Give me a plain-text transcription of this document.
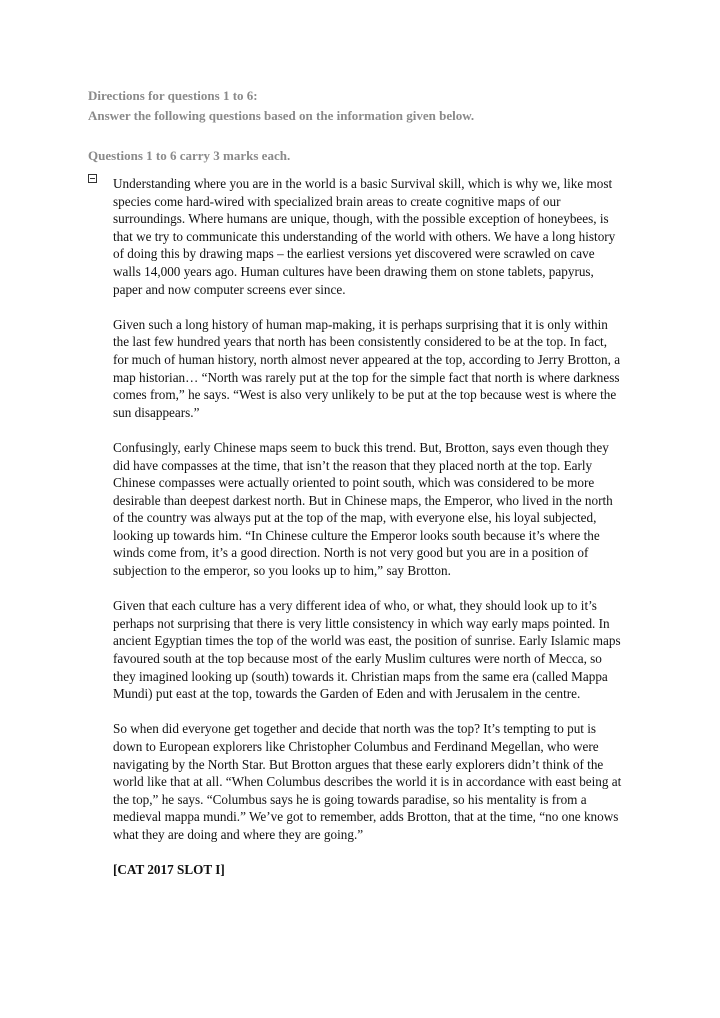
Directions for questions 1 to 6:
Answer the following questions based on the information given below.
Questions 1 to 6 carry 3 marks each.

Understanding where you are in the world is a basic Survival skill, which is why we, like most species come hard-wired with specialized brain areas to create cognitive maps of our surroundings. Where humans are unique, though, with the possible exception of honeybees, is that we try to communicate this understanding of the world with others. We have a long history of doing this by drawing maps – the earliest versions yet discovered were scrawled on cave walls 14,000 years ago. Human cultures have been drawing them on stone tablets, papyrus, paper and now computer screens ever since.

Given such a long history of human map-making, it is perhaps surprising that it is only within the last few hundred years that north has been consistently considered to be at the top. In fact, for much of human history, north almost never appeared at the top, according to Jerry Brotton, a map historian… “North was rarely put at the top for the simple fact that north is where darkness comes from,” he says. “West is also very unlikely to be put at the top because west is where the sun disappears.”

Confusingly, early Chinese maps seem to buck this trend. But, Brotton, says even though they did have compasses at the time, that isn’t the reason that they placed north at the top. Early Chinese compasses were actually oriented to point south, which was considered to be more desirable than deepest darkest north. But in Chinese maps, the Emperor, who lived in the north of the country was always put at the top of the map, with everyone else, his loyal subjected, looking up towards him. “In Chinese culture the Emperor looks south because it’s where the winds come from, it’s a good direction. North is not very good but you are in a position of subjection to the emperor, so you looks up to him,” say Brotton.

Given that each culture has a very different idea of who, or what, they should look up to it’s perhaps not surprising that there is very little consistency in which way early maps pointed. In ancient Egyptian times the top of the world was east, the position of sunrise. Early Islamic maps favoured south at the top because most of the early Muslim cultures were north of Mecca, so they imagined looking up (south) towards it. Christian maps from the same era (called Mappa Mundi) put east at the top, towards the Garden of Eden and with Jerusalem in the centre.

So when did everyone get together and decide that north was the top? It’s tempting to put is down to European explorers like Christopher Columbus and Ferdinand Megellan, who were navigating by the North Star. But Brotton argues that these early explorers didn’t think of the world like that at all. “When Columbus describes the world it is in accordance with east being at the top,” he says. “Columbus says he is going towards paradise, so his mentality is from a medieval mappa mundi.” We’ve got to remember, adds Brotton, that at the time, “no one knows what they are doing and where they are going.”

[CAT 2017 SLOT I]
